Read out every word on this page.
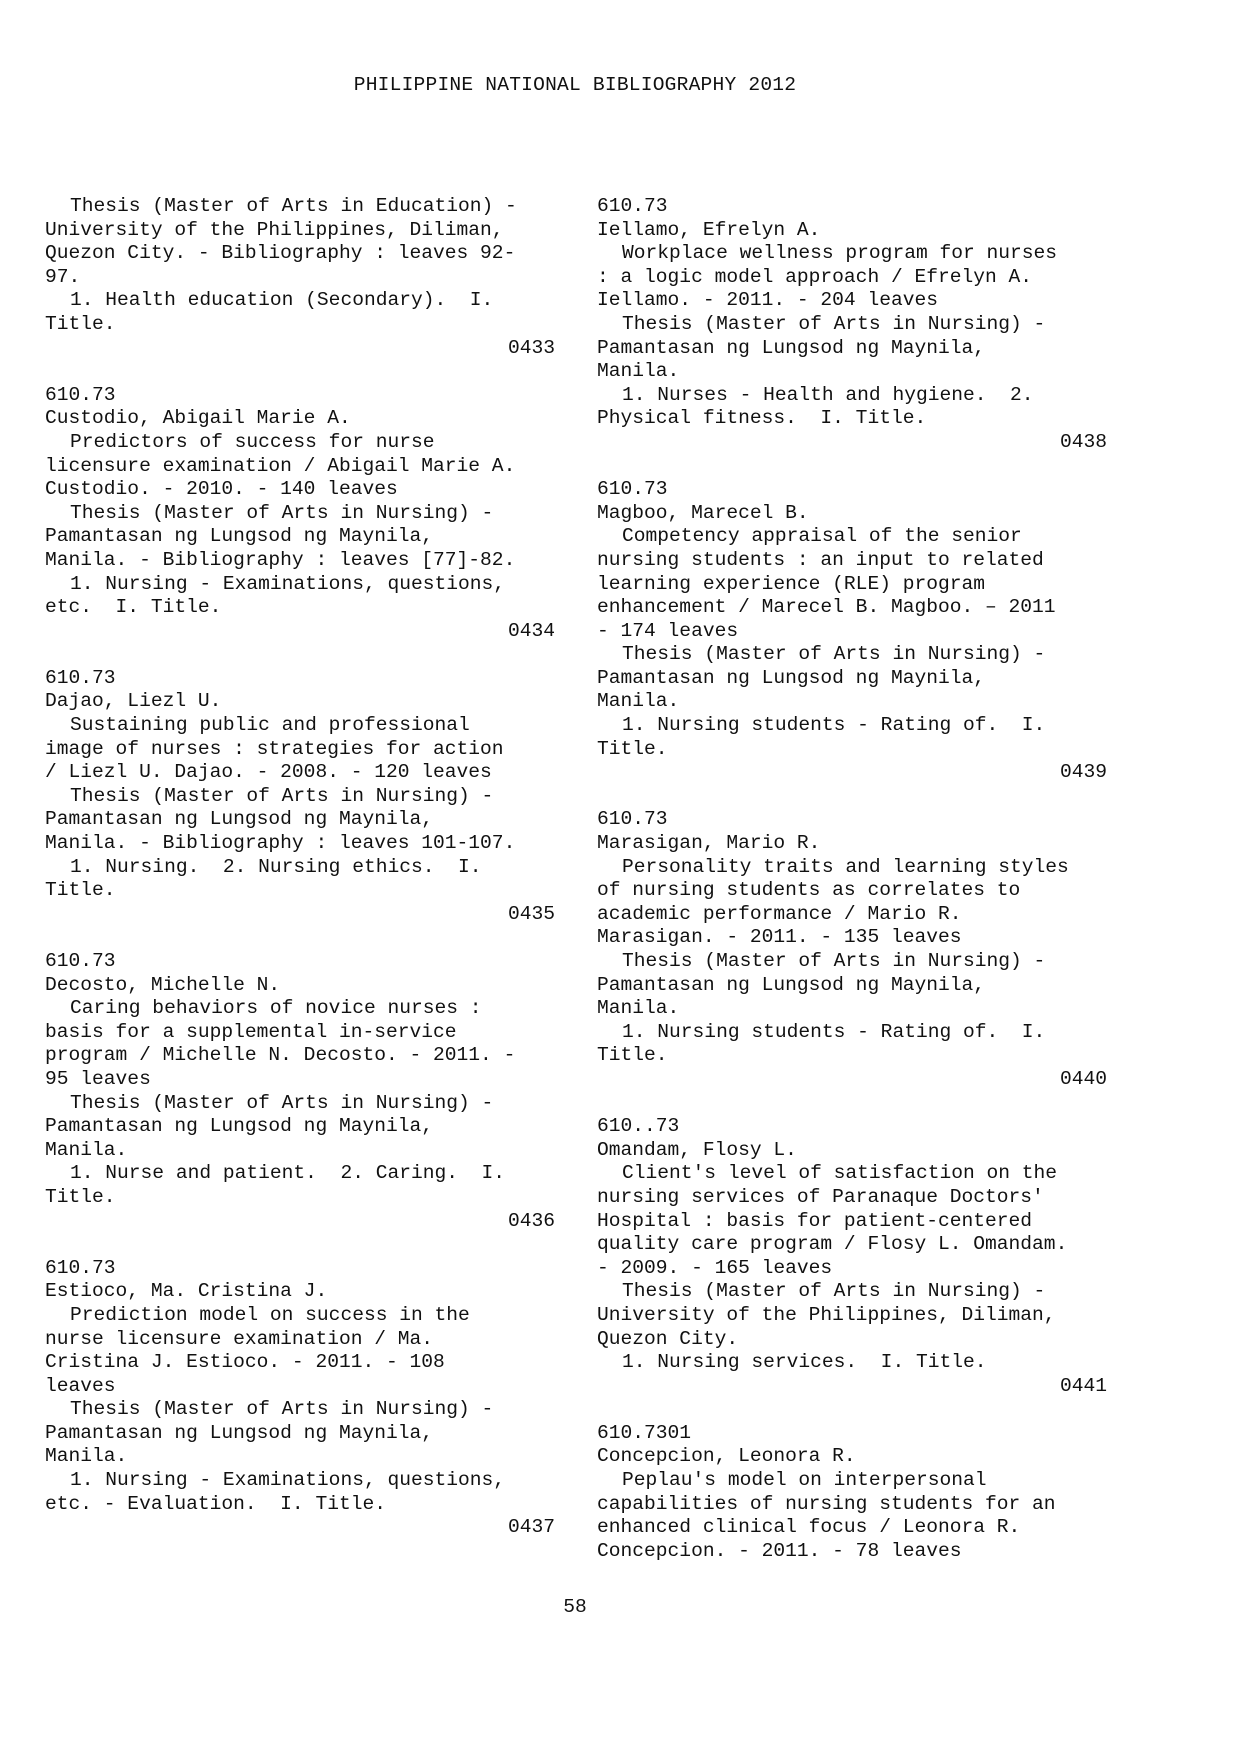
PHILIPPINE NATIONAL BIBLIOGRAPHY 2012
Thesis (Master of Arts in Education) -
University of the Philippines, Diliman,
Quezon City. - Bibliography : leaves 92-
97.
1. Health education (Secondary).  I.
Title.
0433
610.73
Custodio, Abigail Marie A.
Predictors of success for nurse
licensure examination / Abigail Marie A.
Custodio. - 2010. - 140 leaves
Thesis (Master of Arts in Nursing) -
Pamantasan ng Lungsod ng Maynila,
Manila. - Bibliography : leaves [77]-82.
1. Nursing - Examinations, questions,
etc.  I. Title.
0434
610.73
Dajao, Liezl U.
Sustaining public and professional
image of nurses : strategies for action
/ Liezl U. Dajao. - 2008. - 120 leaves
Thesis (Master of Arts in Nursing) -
Pamantasan ng Lungsod ng Maynila,
Manila. - Bibliography : leaves 101-107.
1. Nursing.  2. Nursing ethics.  I.
Title.
0435
610.73
Decosto, Michelle N.
Caring behaviors of novice nurses :
basis for a supplemental in-service
program / Michelle N. Decosto. - 2011. -
95 leaves
Thesis (Master of Arts in Nursing) -
Pamantasan ng Lungsod ng Maynila,
Manila.
1. Nurse and patient.  2. Caring.  I.
Title.
0436
610.73
Estioco, Ma. Cristina J.
Prediction model on success in the
nurse licensure examination / Ma.
Cristina J. Estioco. - 2011. - 108
leaves
Thesis (Master of Arts in Nursing) -
Pamantasan ng Lungsod ng Maynila,
Manila.
1. Nursing - Examinations, questions,
etc. - Evaluation.  I. Title.
0437
610.73
Iellamo, Efrelyn A.
Workplace wellness program for nurses
: a logic model approach / Efrelyn A.
Iellamo. - 2011. - 204 leaves
Thesis (Master of Arts in Nursing) -
Pamantasan ng Lungsod ng Maynila,
Manila.
1. Nurses - Health and hygiene.  2.
Physical fitness.  I. Title.
0438
610.73
Magboo, Marecel B.
Competency appraisal of the senior
nursing students : an input to related
learning experience (RLE) program
enhancement / Marecel B. Magboo. – 2011
- 174 leaves
Thesis (Master of Arts in Nursing) -
Pamantasan ng Lungsod ng Maynila,
Manila.
1. Nursing students - Rating of.  I.
Title.
0439
610.73
Marasigan, Mario R.
Personality traits and learning styles
of nursing students as correlates to
academic performance / Mario R.
Marasigan. - 2011. - 135 leaves
Thesis (Master of Arts in Nursing) -
Pamantasan ng Lungsod ng Maynila,
Manila.
1. Nursing students - Rating of.  I.
Title.
0440
610..73
Omandam, Flosy L.
Client's level of satisfaction on the
nursing services of Paranaque Doctors'
Hospital : basis for patient-centered
quality care program / Flosy L. Omandam.
- 2009. - 165 leaves
Thesis (Master of Arts in Nursing) -
University of the Philippines, Diliman,
Quezon City.
1. Nursing services.  I. Title.
0441
610.7301
Concepcion, Leonora R.
Peplau's model on interpersonal
capabilities of nursing students for an
enhanced clinical focus / Leonora R.
Concepcion. - 2011. - 78 leaves
58
